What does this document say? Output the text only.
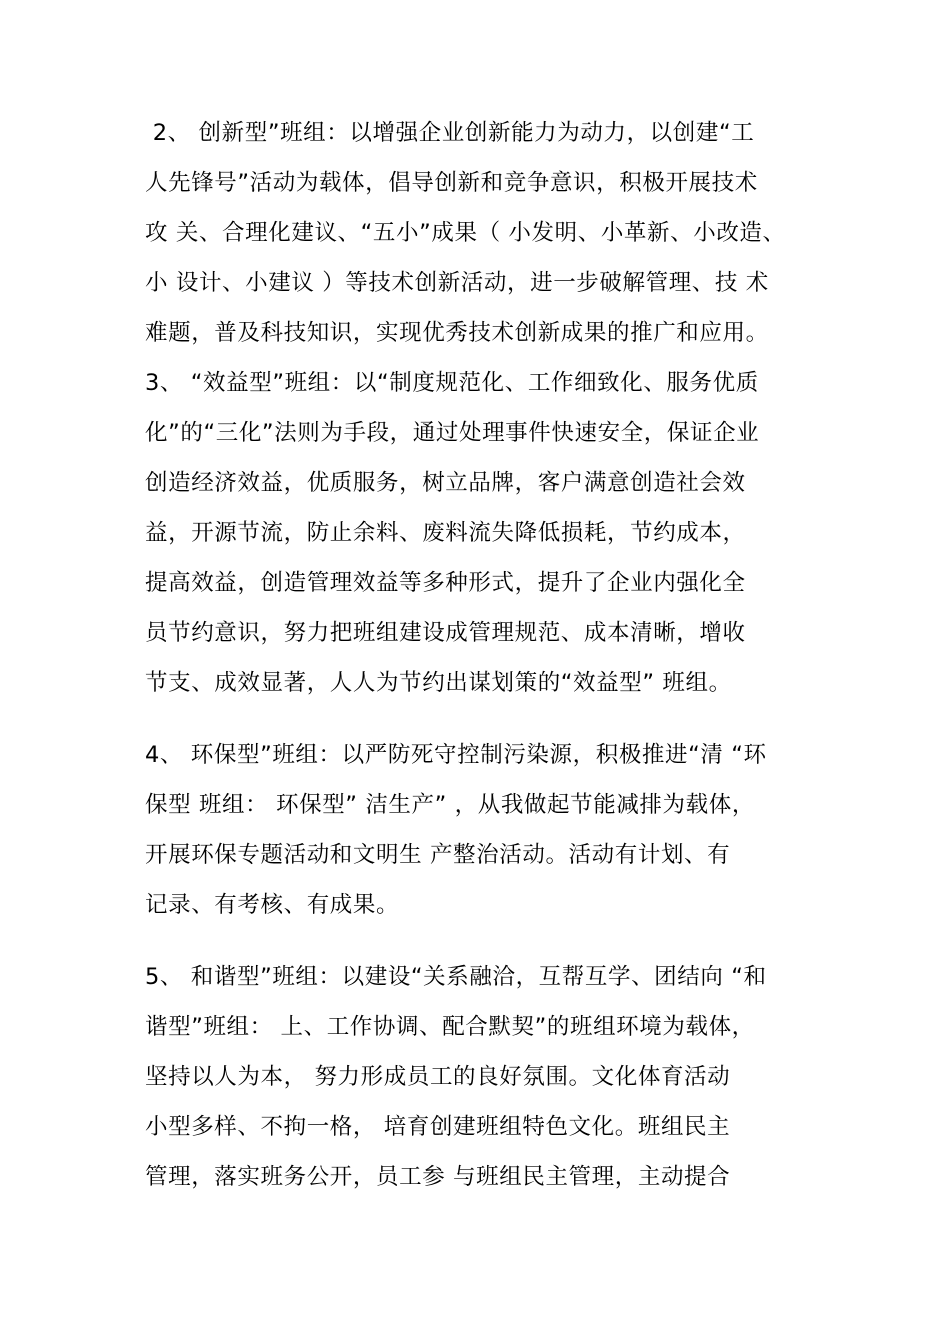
2、 创新型”班组：以增强企业创新能力为动力，以创建“工
人先锋号”活动为载体，倡导创新和竞争意识，积极开展技术
攻 关、合理化建议、“五小”成果（ 小发明、小革新、小改造、
小 设计、小建议 ）等技术创新活动，进一步破解管理、技 术
难题，普及科技知识，实现优秀技术创新成果的推广和应用。
3、 “效益型”班组：以“制度规范化、工作细致化、服务优质
化”的“三化”法则为手段，通过处理事件快速安全，保证企业
创造经济效益，优质服务，树立品牌，客户满意创造社会效
益，开源节流，防止余料、废料流失降低损耗，节约成本，
提高效益，创造管理效益等多种形式，提升了企业内强化全
员节约意识，努力把班组建设成管理规范、成本清晰，增收
节支、成效显著，人人为节约出谋划策的“效益型” 班组。
4、 环保型”班组：以严防死守控制污染源，积极推进“清 “环
保型 班组： 环保型” 洁生产” ，从我做起节能减排为载体，
开展环保专题活动和文明生 产整治活动。活动有计划、有
记录、有考核、有成果。
5、 和谐型”班组：以建设“关系融洽，互帮互学、团结向 “和
谐型”班组： 上、工作协调、配合默契”的班组环境为载体，
坚持以人为本， 努力形成员工的良好氛围。文化体育活动
小型多样、不拘一格， 培育创建班组特色文化。班组民主
管理，落实班务公开，员工参 与班组民主管理，主动提合
